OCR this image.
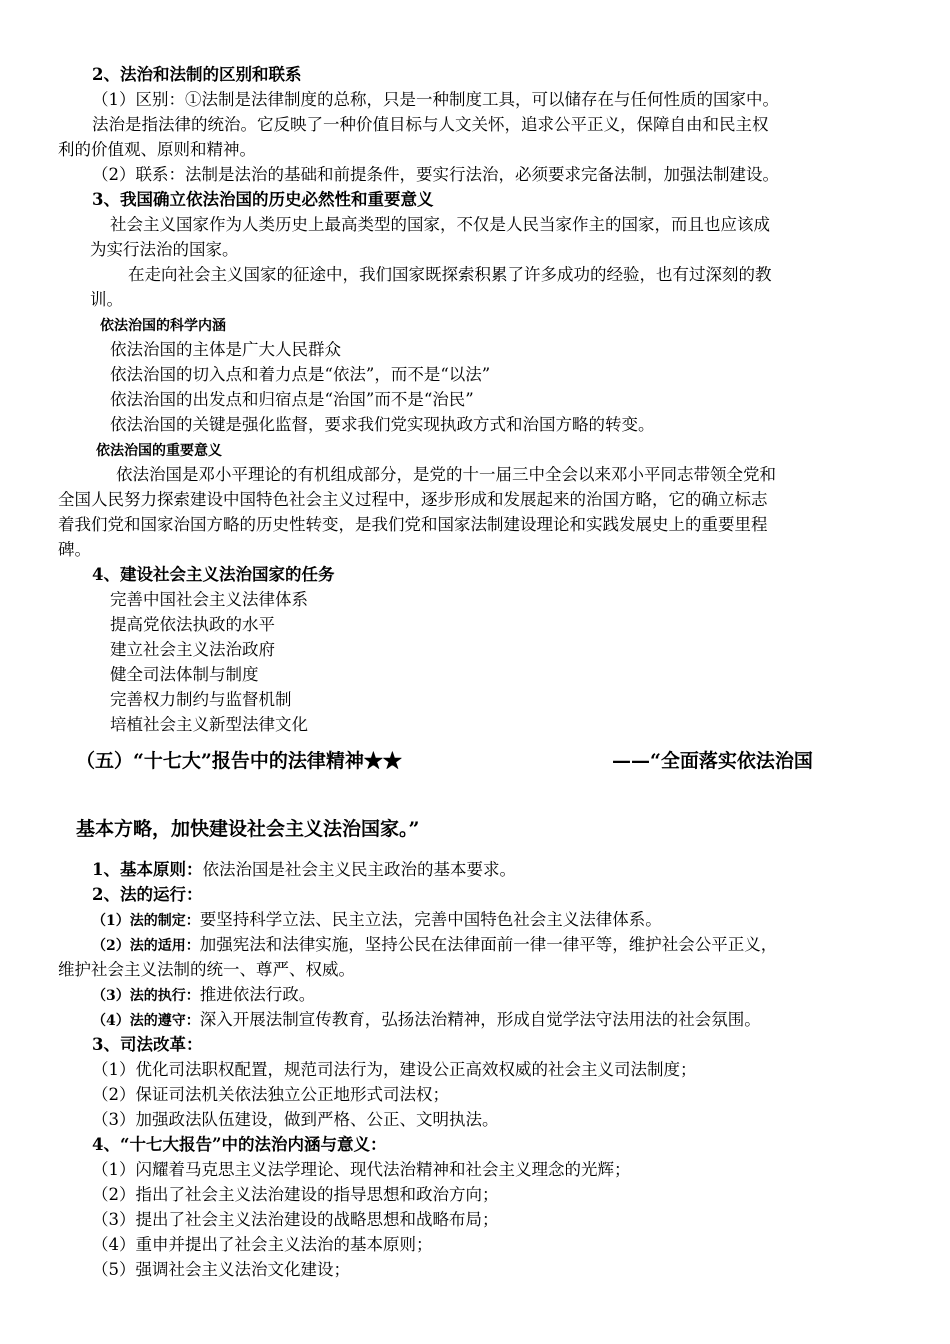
2、法治和法制的区别和联系
（1）区别：①法制是法律制度的总称，只是一种制度工具，可以储存在与任何性质的国家中。
法治是指法律的统治。它反映了一种价值目标与人文关怀，追求公平正义，保障自由和民主权
利的价值观、原则和精神。
（2）联系：法制是法治的基础和前提条件，要实行法治，必须要求完备法制，加强法制建设。
3、我国确立依法治国的历史必然性和重要意义
社会主义国家作为人类历史上最高类型的国家，不仅是人民当家作主的国家，而且也应该成
为实行法治的国家。
在走向社会主义国家的征途中，我们国家既探索积累了许多成功的经验，也有过深刻的教
训。
依法治国的科学内涵
依法治国的主体是广大人民群众
依法治国的切入点和着力点是“依法”，而不是“以法”
依法治国的出发点和归宿点是“治国”而不是“治民”
依法治国的关键是强化监督，要求我们党实现执政方式和治国方略的转变。
依法治国的重要意义
依法治国是邓小平理论的有机组成部分，是党的十一届三中全会以来邓小平同志带领全党和
全国人民努力探索建设中国特色社会主义过程中，逐步形成和发展起来的治国方略，它的确立标志
着我们党和国家治国方略的历史性转变，是我们党和国家法制建设理论和实践发展史上的重要里程
碑。
4、建设社会主义法治国家的任务
完善中国社会主义法律体系
提高党依法执政的水平
建立社会主义法治政府
健全司法体制与制度
完善权力制约与监督机制
培植社会主义新型法律文化
（五）“十七大”报告中的法律精神★★	——“全面落实依法治国
基本方略，加快建设社会主义法治国家。”
1、基本原则：依法治国是社会主义民主政治的基本要求。
2、法的运行：
（1）法的制定：要坚持科学立法、民主立法，完善中国特色社会主义法律体系。
（2）法的适用：加强宪法和法律实施，坚持公民在法律面前一律一律平等，维护社会公平正义，
维护社会主义法制的统一、尊严、权威。
（3）法的执行：推进依法行政。
（4）法的遵守：深入开展法制宣传教育，弘扬法治精神，形成自觉学法守法用法的社会氛围。
3、司法改革：
（1）优化司法职权配置，规范司法行为，建设公正高效权威的社会主义司法制度；
（2）保证司法机关依法独立公正地形式司法权；
（3）加强政法队伍建设，做到严格、公正、文明执法。
4、“十七大报告”中的法治内涵与意义：
（1）闪耀着马克思主义法学理论、现代法治精神和社会主义理念的光辉；
（2）指出了社会主义法治建设的指导思想和政治方向；
（3）提出了社会主义法治建设的战略思想和战略布局；
（4）重申并提出了社会主义法治的基本原则；
（5）强调社会主义法治文化建设；
